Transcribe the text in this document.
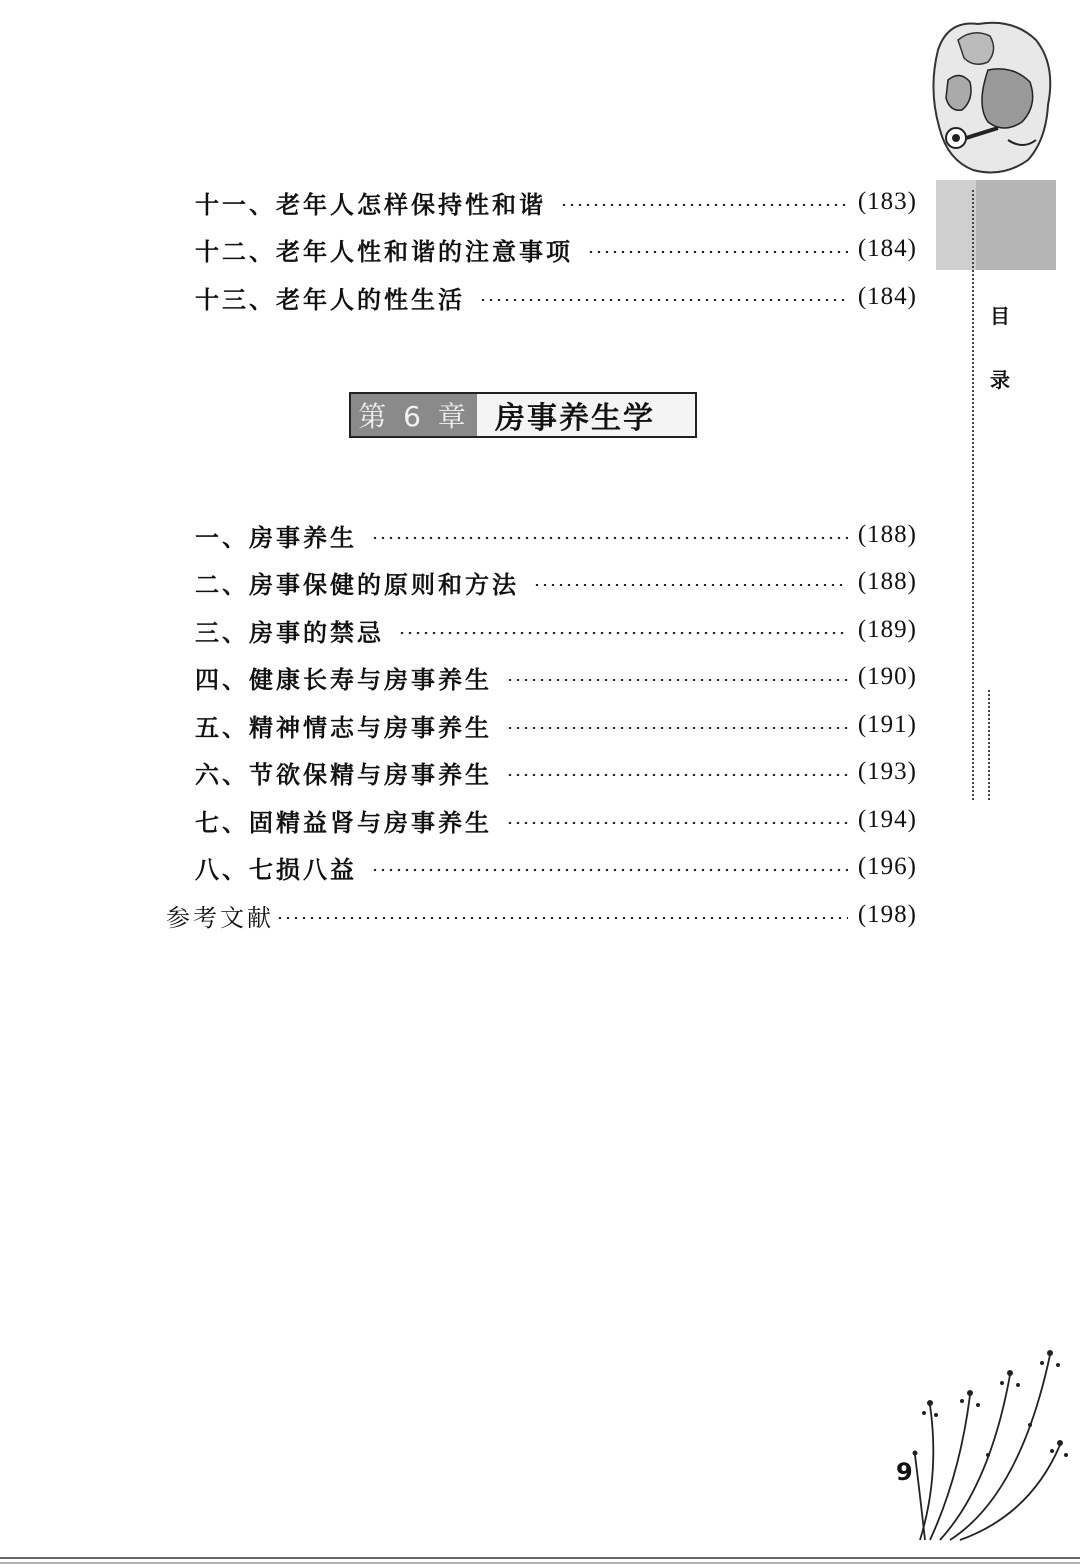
目
录
十一、老年人怎样保持性和谐	(183)
十二、老年人性和谐的注意事项	(184)
十三、老年人的性生活	(184)
第 6 章 房事养生学
一、房事养生	(188)
二、房事保健的原则和方法	(188)
三、房事的禁忌	(189)
四、健康长寿与房事养生	(190)
五、精神情志与房事养生	(191)
六、节欲保精与房事养生	(193)
七、固精益肾与房事养生	(194)
八、七损八益	(196)
参考文献	(198)
9
